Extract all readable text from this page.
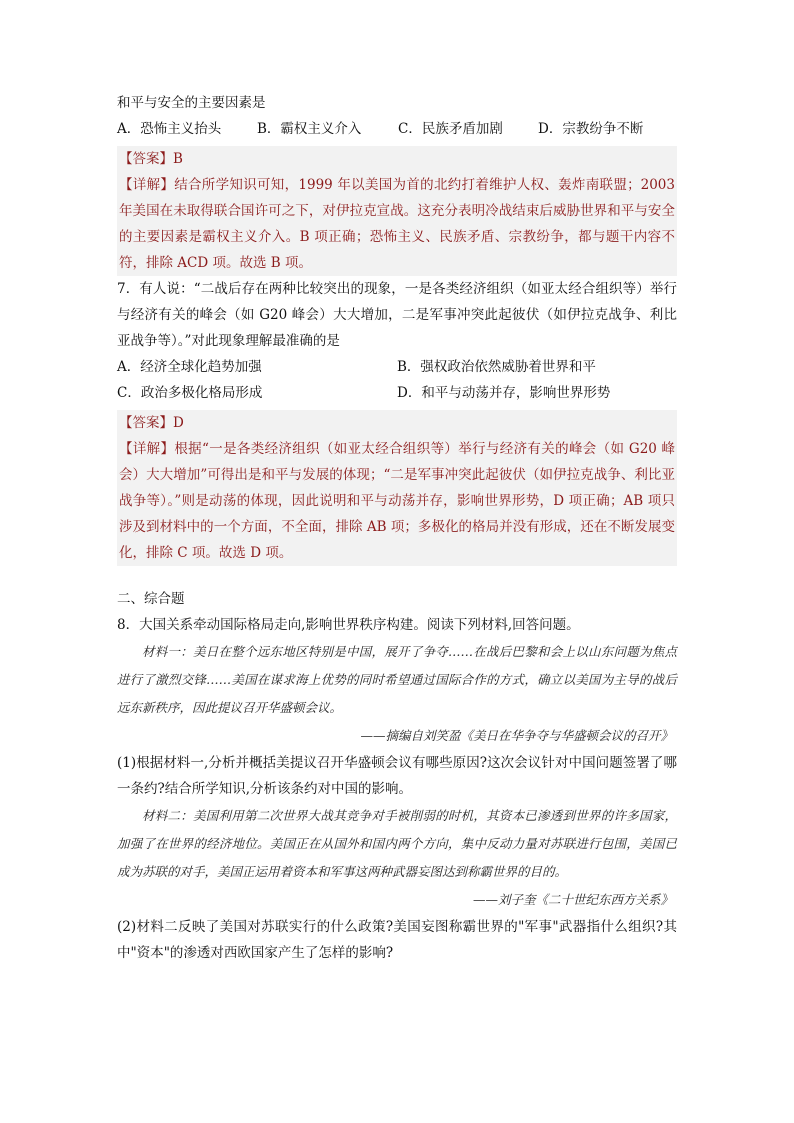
和平与安全的主要因素是
A．恐怖主义抬头	B．霸权主义介入	C．民族矛盾加剧	D．宗教纷争不断

【答案】B

【详解】结合所学知识可知，1999 年以美国为首的北约打着维护人权、轰炸南联盟；2003 年美国在未取得联合国许可之下，对伊拉克宣战。这充分表明冷战结束后威胁世界和平与安全的主要因素是霸权主义介入。B 项正确；恐怖主义、民族矛盾、宗教纷争，都与题干内容不符，排除 ACD 项。故选 B 项。

7．有人说：“二战后存在两种比较突出的现象，一是各类经济组织（如亚太经合组织等）举行与经济有关的峰会（如 G20 峰会）大大增加，二是军事冲突此起彼伏（如伊拉克战争、利比亚战争等）。”对此现象理解最准确的是

A．经济全球化趋势加强	B．强权政治依然威胁着世界和平
C．政治多极化格局形成	D．和平与动荡并存，影响世界形势

【答案】D

【详解】根据“一是各类经济组织（如亚太经合组织等）举行与经济有关的峰会（如 G20 峰会）大大增加”可得出是和平与发展的体现；“二是军事冲突此起彼伏（如伊拉克战争、利比亚战争等）。”则是动荡的体现，因此说明和平与动荡并存，影响世界形势，D 项正确；AB 项只涉及到材料中的一个方面，不全面，排除 AB 项；多极化的格局并没有形成，还在不断发展变化，排除 C 项。故选 D 项。

二、综合题

8．大国关系牵动国际格局走向,影响世界秩序构建。阅读下列材料,回答问题。

材料一：美日在整个远东地区特别是中国，展开了争夺……在战后巴黎和会上以山东问题为焦点进行了激烈交锋……美国在谋求海上优势的同时希望通过国际合作的方式，确立以美国为主导的战后远东新秩序，因此提议召开华盛顿会议。

——摘编自刘笑盈《美日在华争夺与华盛顿会议的召开》

(1)根据材料一,分析并概括美提议召开华盛顿会议有哪些原因?这次会议针对中国问题签署了哪一条约?结合所学知识,分析该条约对中国的影响。

材料二：美国利用第二次世界大战其竞争对手被削弱的时机，其资本已渗透到世界的许多国家，加强了在世界的经济地位。美国正在从国外和国内两个方向，集中反动力量对苏联进行包围，美国已成为苏联的对手，美国正运用着资本和军事这两种武器妄图达到称霸世界的目的。

——刘子奎《二十世纪东西方关系》

(2)材料二反映了美国对苏联实行的什么政策?美国妄图称霸世界的"军事"武器指什么组织?其中"资本"的渗透对西欧国家产生了怎样的影响?
